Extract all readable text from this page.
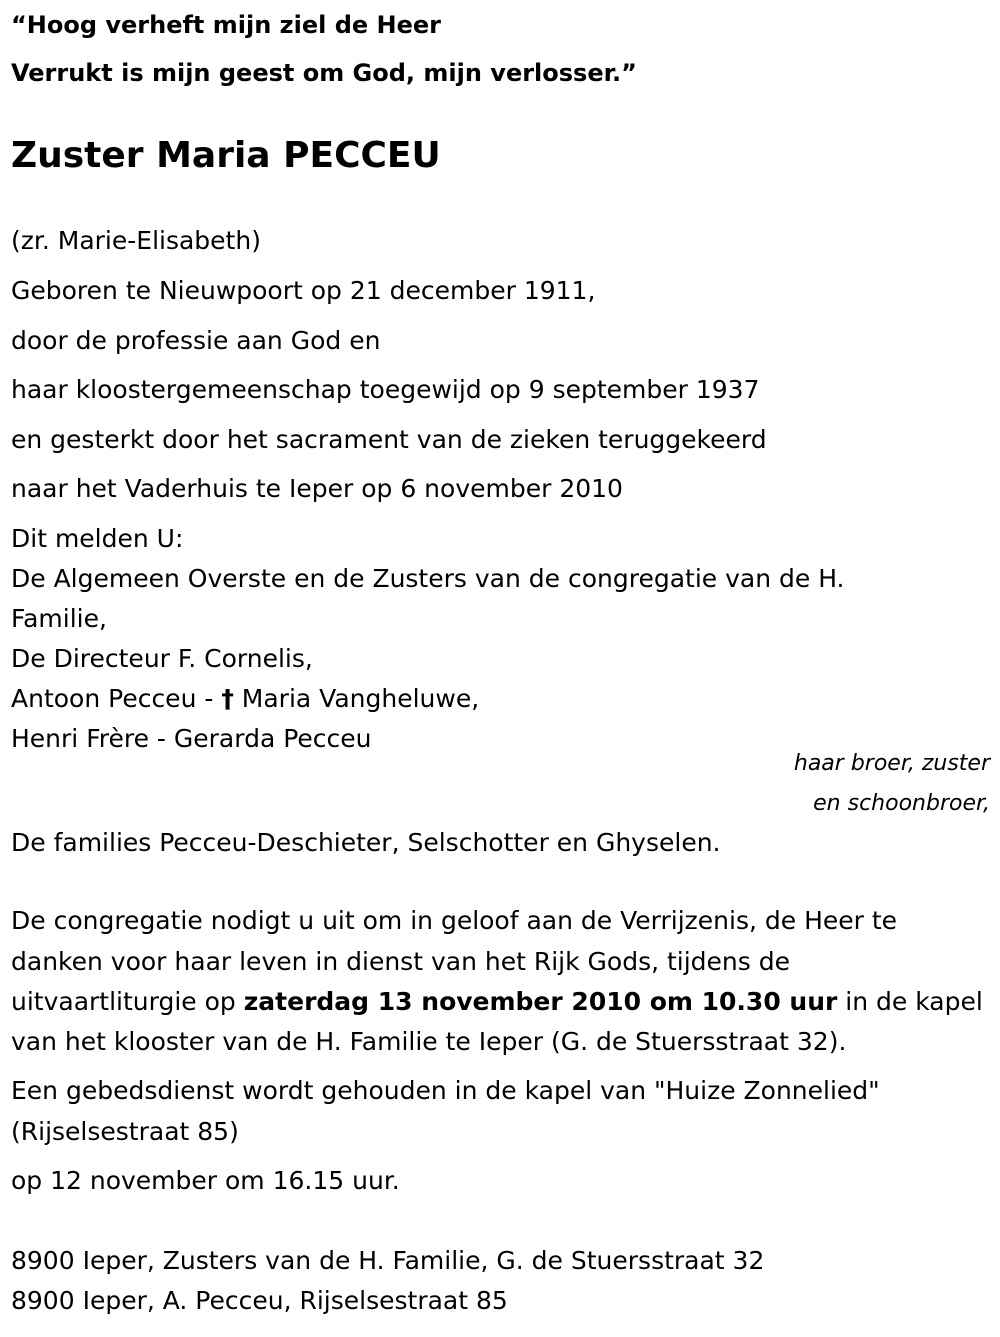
“Hoog verheft mijn ziel de Heer

Verrukt is mijn geest om God, mijn verlosser.”

Zuster Maria PECCEU

(zr. Marie-Elisabeth)

Geboren te Nieuwpoort op 21 december 1911,

door de professie aan God en

haar kloostergemeenschap toegewijd op 9 september 1937

en gesterkt door het sacrament van de zieken teruggekeerd

naar het Vaderhuis te Ieper op 6 november 2010

Dit melden U:

De Algemeen Overste en de Zusters van de congregatie van de H.

Familie,

De Directeur F. Cornelis,

Antoon Pecceu - † Maria Vangheluwe,

Henri Frère - Gerarda Pecceu

haar broer, zuster

en schoonbroer,

De families Pecceu-Deschieter, Selschotter en Ghyselen.

De congregatie nodigt u uit om in geloof aan de Verrijzenis, de Heer te

danken voor haar leven in dienst van het Rijk Gods, tijdens de

uitvaartliturgie op zaterdag 13 november 2010 om 10.30 uur in de kapel

van het klooster van de H. Familie te Ieper (G. de Stuersstraat 32).

Een gebedsdienst wordt gehouden in de kapel van "Huize Zonnelied"

(Rijselsestraat 85)

op 12 november om 16.15 uur.

8900 Ieper, Zusters van de H. Familie, G. de Stuersstraat 32

8900 Ieper, A. Pecceu, Rijselsestraat 85
